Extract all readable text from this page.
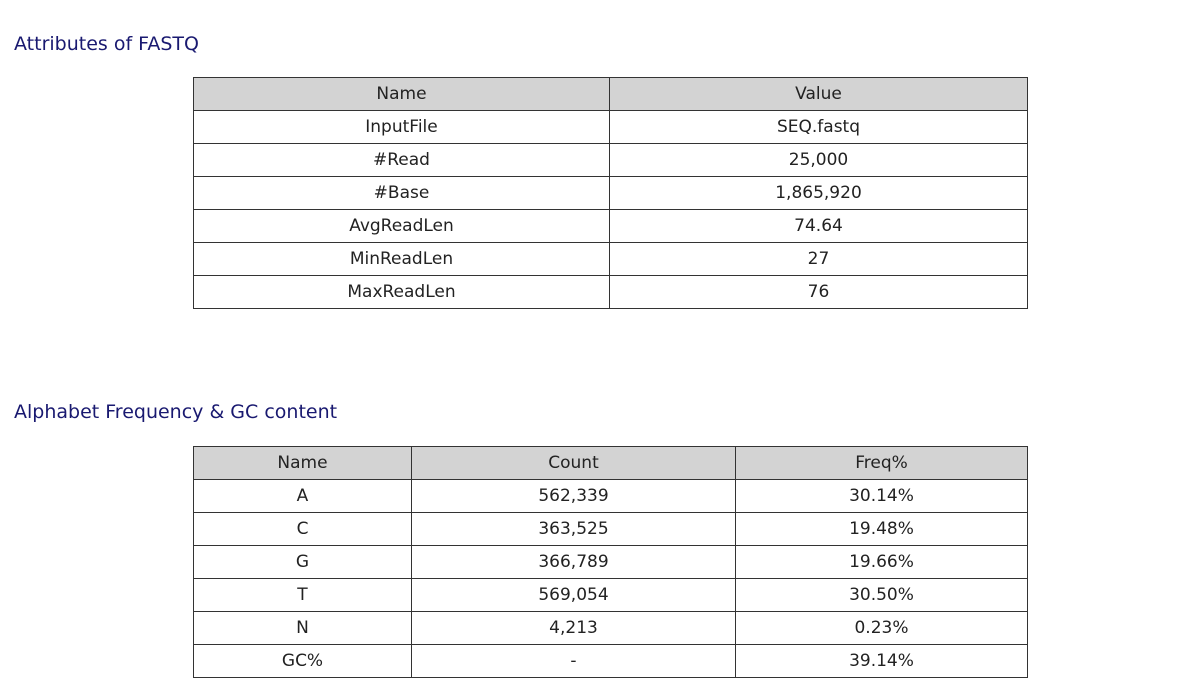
Attributes of FASTQ
Name	Value
InputFile	SEQ.fastq
#Read	25,000
#Base	1,865,920
AvgReadLen	74.64
MinReadLen	27
MaxReadLen	76
Alphabet Frequency & GC content
Name	Count	Freq%
A	562,339	30.14%
C	363,525	19.48%
G	366,789	19.66%
T	569,054	30.50%
N	4,213	0.23%
GC%	-	39.14%
